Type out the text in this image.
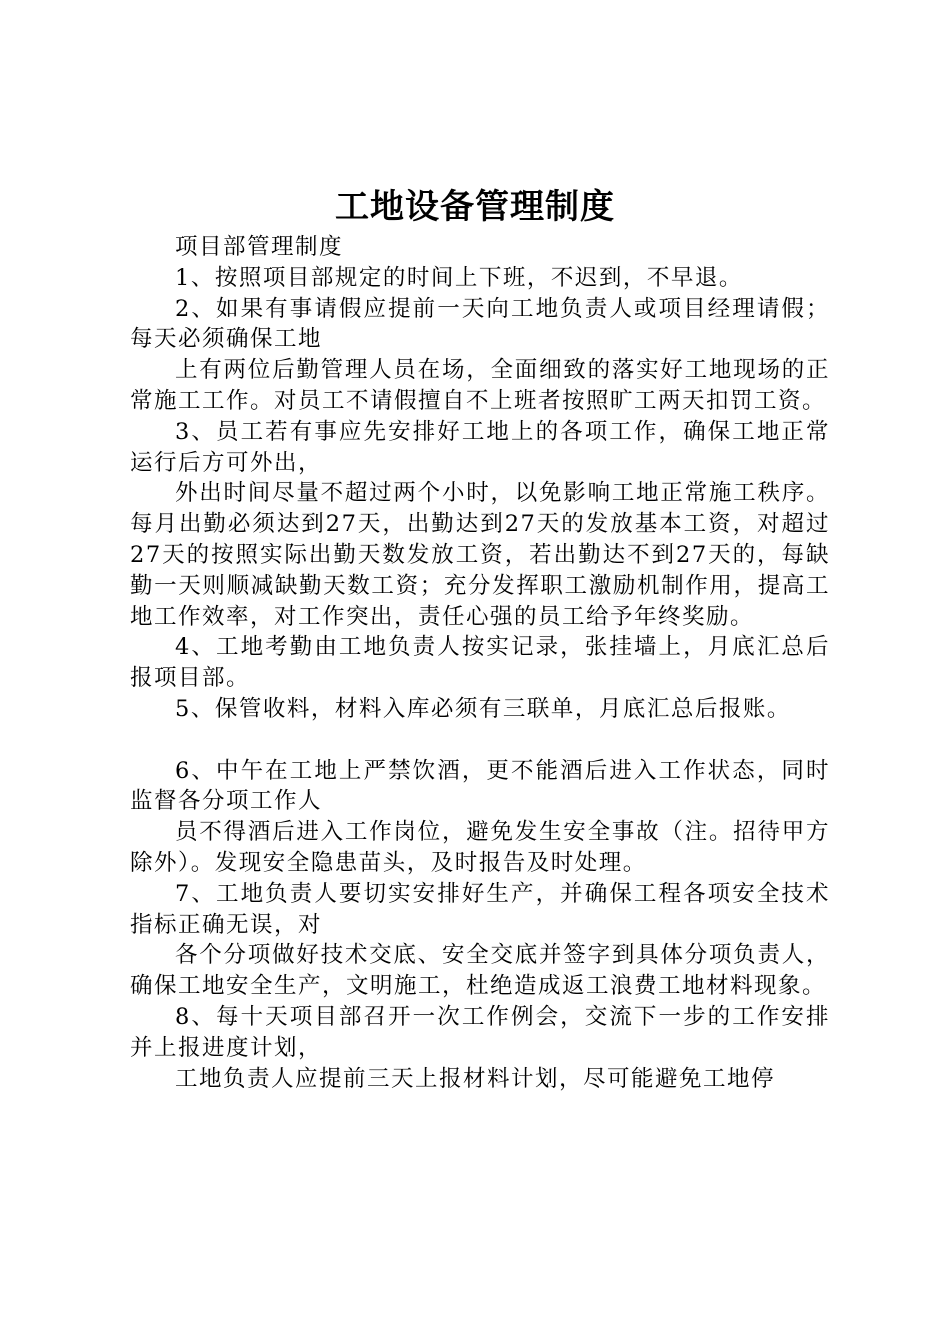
工地设备管理制度

项目部管理制度

1、按照项目部规定的时间上下班，不迟到，不早退。

2、如果有事请假应提前一天向工地负责人或项目经理请假；每天必须确保工地

上有两位后勤管理人员在场，全面细致的落实好工地现场的正常施工工作。对员工不请假擅自不上班者按照旷工两天扣罚工资。

3、员工若有事应先安排好工地上的各项工作，确保工地正常运行后方可外出，

外出时间尽量不超过两个小时，以免影响工地正常施工秩序。每月出勤必须达到27天，出勤达到27天的发放基本工资，对超过27天的按照实际出勤天数发放工资，若出勤达不到27天的，每缺勤一天则顺减缺勤天数工资；充分发挥职工激励机制作用，提高工地工作效率，对工作突出，责任心强的员工给予年终奖励。

4、工地考勤由工地负责人按实记录，张挂墙上，月底汇总后报项目部。

5、保管收料，材料入库必须有三联单，月底汇总后报账。

6、中午在工地上严禁饮酒，更不能酒后进入工作状态，同时监督各分项工作人

员不得酒后进入工作岗位，避免发生安全事故（注。招待甲方除外）。发现安全隐患苗头，及时报告及时处理。

7、工地负责人要切实安排好生产，并确保工程各项安全技术指标正确无误，对

各个分项做好技术交底、安全交底并签字到具体分项负责人，确保工地安全生产，文明施工，杜绝造成返工浪费工地材料现象。

8、每十天项目部召开一次工作例会，交流下一步的工作安排并上报进度计划，

工地负责人应提前三天上报材料计划，尽可能避免工地停
